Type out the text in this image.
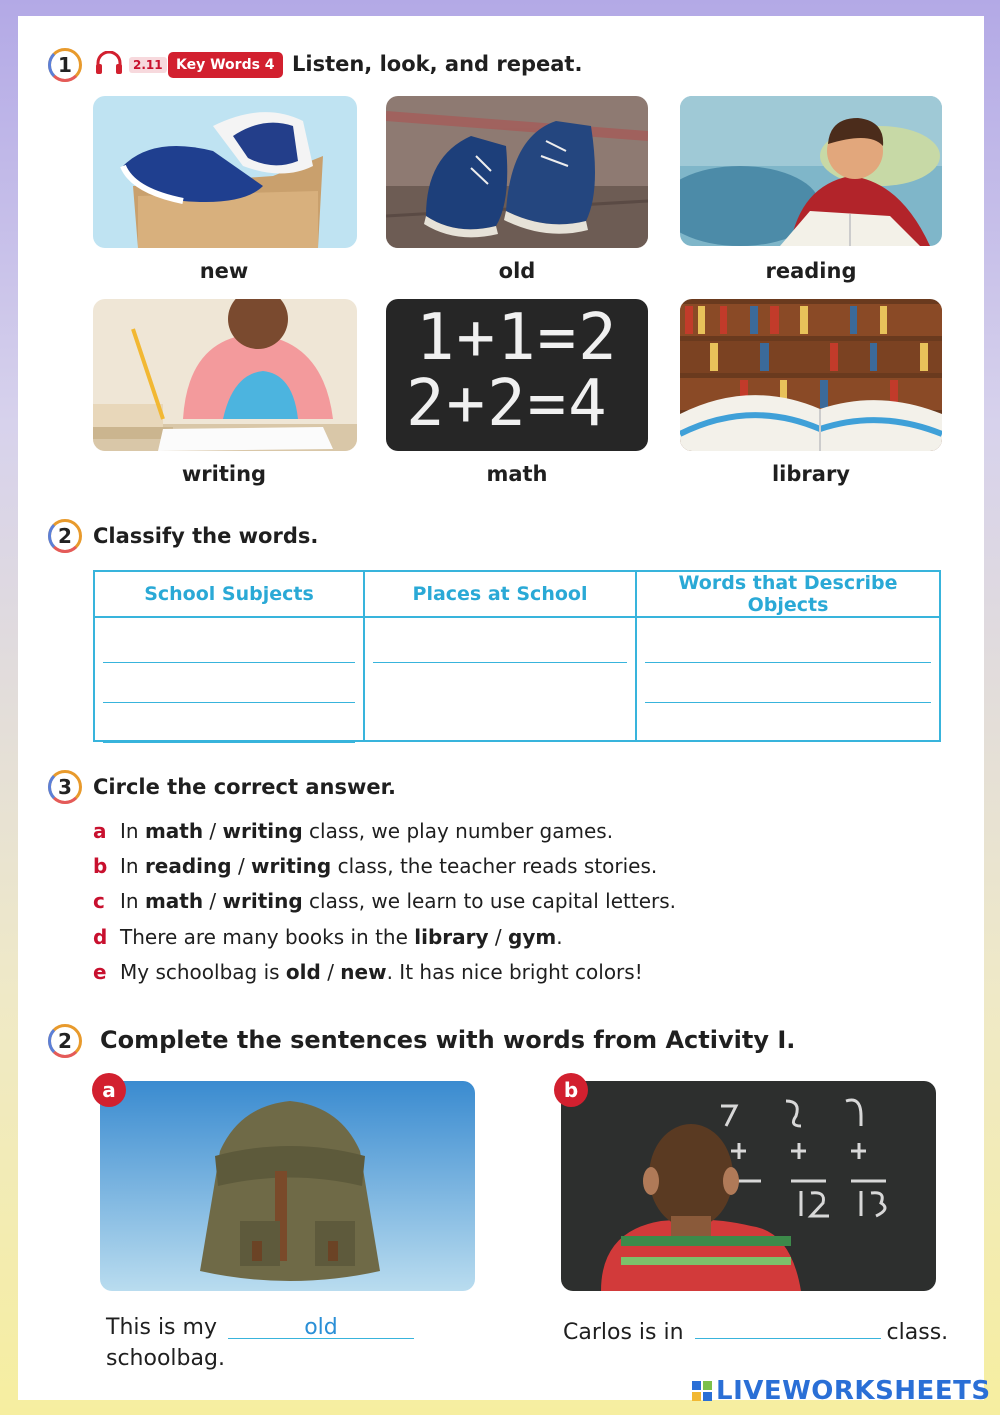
1	2.11 Key Words 4 Listen, look, and repeat.
new	old	reading
writing
1+1=2
2+2=4
math	library
2 Classify the words.
School Subjects	Places at School	Words that Describe Objects

3 Circle the correct answer.
a In math / writing class, we play number games.
b In reading / writing class, the teacher reads stories.
c In math / writing class, we learn to use capital letters.
d There are many books in the library / gym .
e My schoolbag is old / new . It has nice bright colors!
2 Complete the sentences with words from Activity I.
a
This is my	old
schoolbag.
b
Carlos is in	class.
LIVEWORKSHEETS
